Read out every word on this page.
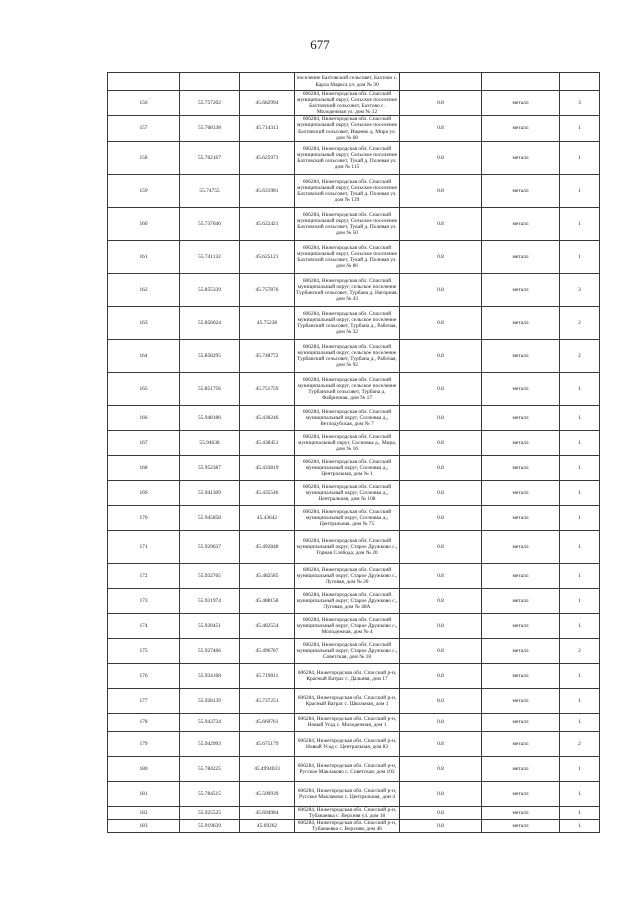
677
			поселение Бахтовский сельсовет, Бахтово с. Карла Маркса ул. дом № 30			
156	55.757202	45.682994	606284, Нижегородская обл. Спасский муниципальный округ, Сельское поселение Бахтовский сельсовет, Бахтово с. Молодежная ул. дом № 12	0.8	металл	3
157	55.768138	45.714313	606284, Нижегородская обл. Спасский муниципальный округ, Сельское поселение Бахтовский сельсовет, Ищеево д. Мира ул. дом № 68	0.8	металл	1
158	55.762167	45.625973	606284, Нижегородская обл. Спасский муниципальный округ, Сельское поселение Бахтовский сельсовет, Тукай д. Полевая ул. дом № 115	0.8	металл	1
159	55.74755	45.631981	606284, Нижегородская обл. Спасский муниципальный округ, Сельское поселение Бахтовский сельсовет, Тукай д. Полевая ул. дом № 139	0.8	металл	1
160	55.737046	45.622421	606284, Нижегородская обл. Спасский муниципальный округ, Сельское поселение Бахтовский сельсовет, Тукай д. Полевая ул. дом № 50	0.8	металл	1
161	55.741132	45.625121	606284, Нижегородская обл. Спасский муниципальный округ, Сельское поселение Бахтовский сельсовет, Тукай д. Полевая ул. дом № 86	0.8	металл	1
162	55.855339	45.757876	606284, Нижегородская обл. Спасский муниципальный округ, сельское поселение Турбанский сельсовет, Турбана д. Нагорная, дом № 43	0.8	металл	3
163	55.856024	45.75238	606284, Нижегородская обл. Спасский муниципальный округ, сельское поселение Турбанский сельсовет, Турбана д., Рабочая, дом № 32	0.8	металл	2
164	55.858295	45.748772	606284, Нижегородская обл. Спасский муниципальный округ, сельское поселение Турбанский сельсовет, Турбана д., Рабочая, дом № 92	0.8	металл	2
165	55.851756	45.751759	606284, Нижегородская обл. Спасский муниципальный округ, сельское поселение Турбанский сельсовет, Турбана д. Фабричная, дом № 17	0.8	металл	1
166	55.948186	45.430246	606284, Нижегородская обл. Спасский муниципальный округ, Сосновка д., Ветлодубская, дом № 7	0.8	металл	1
167	55.94638	45.438451	606284, Нижегородская обл. Спасский муниципальный округ, Сосновка д., Мира, дом № 16	0.8	металл	1
168	55.952387	45.433819	606284, Нижегородская обл. Спасский муниципальный округ, Сосновка д., Центральная, дом № 1	0.8	металл	1
169	55.941309	45.435546	606284, Нижегородская обл. Спасский муниципальный округ, Сосновка д., Центральная, дом № 108	0.8	металл	1
170	55.945858	45.43642	606284, Нижегородская обл. Спасский муниципальный округ, Сосновка д., Центральная, дом № 75	0.8	металл	1
171	55.929637	45.492848	606284, Нижегородская обл. Спасский муниципальный округ, Старое Дружково с., Горная Слобода, дом № 20	0.8	металл	1
172	55.932765	45.482585	606284, Нижегородская обл. Спасский муниципальный округ, Старое Дружково с., Луговая, дом № 20	0.8	металл	1
173	55.931974	45.488158	606284, Нижегородская обл. Спасский муниципальный округ, Старое Дружково с., Луговая, дом № 48А	0.8	металл	1
174	55.928451	45.482554	606284, Нижегородская обл. Спасский муниципальный округ, Старое Дружково с., Молодежная, дом № 4	0.8	металл	1
175	55.927466	45.496787	606284, Нижегородская обл. Спасский муниципальный округ, Старое Дружково с., Советская, дом № 18	0.8	металл	2
176	55.934168	45.719011	606284, Нижегородская обл. Спасский р-н, Красный Ватрас с. Дальняя, дом 17	0.8	металл	1
177	55.928139	45.737251	606284, Нижегородская обл. Спасский р-н, Красный Ватрас с. Школьная, дом 1	8.0	металл	1
178	55.943734	45.669761	606284, Нижегородская обл. Спасский р-н, Новый Усад с. Молодежная, дом 1	0.8	металл	1
179	55.942993	45.675179	606284, Нижегородская обл. Спасский р-н, Новый Усад с. Центральная, дом 83	0.8	металл	2
180	55.784225	45.4994033	606284, Нижегородская обл. Спасский р-н, Русское Маклаково с. Советская, дом 103	0.8	металл	1
181	55.784515	45.509939	606284, Нижегородская обл. Спасский р-н, Русское Маклаково с. Центральная, дом 4	0.8	металл	1
182	55.925525	45.694984	606284, Нижегородская обл. Спасский р-н, Тубанаевка с. Верхняя ул. дом 18	0.8	металл	1
183	55.919639	45.69262	606284, Нижегородская обл. Спасский р-н, Тубанаевка с. Верхняя, дом 46	0.8	металл	1
